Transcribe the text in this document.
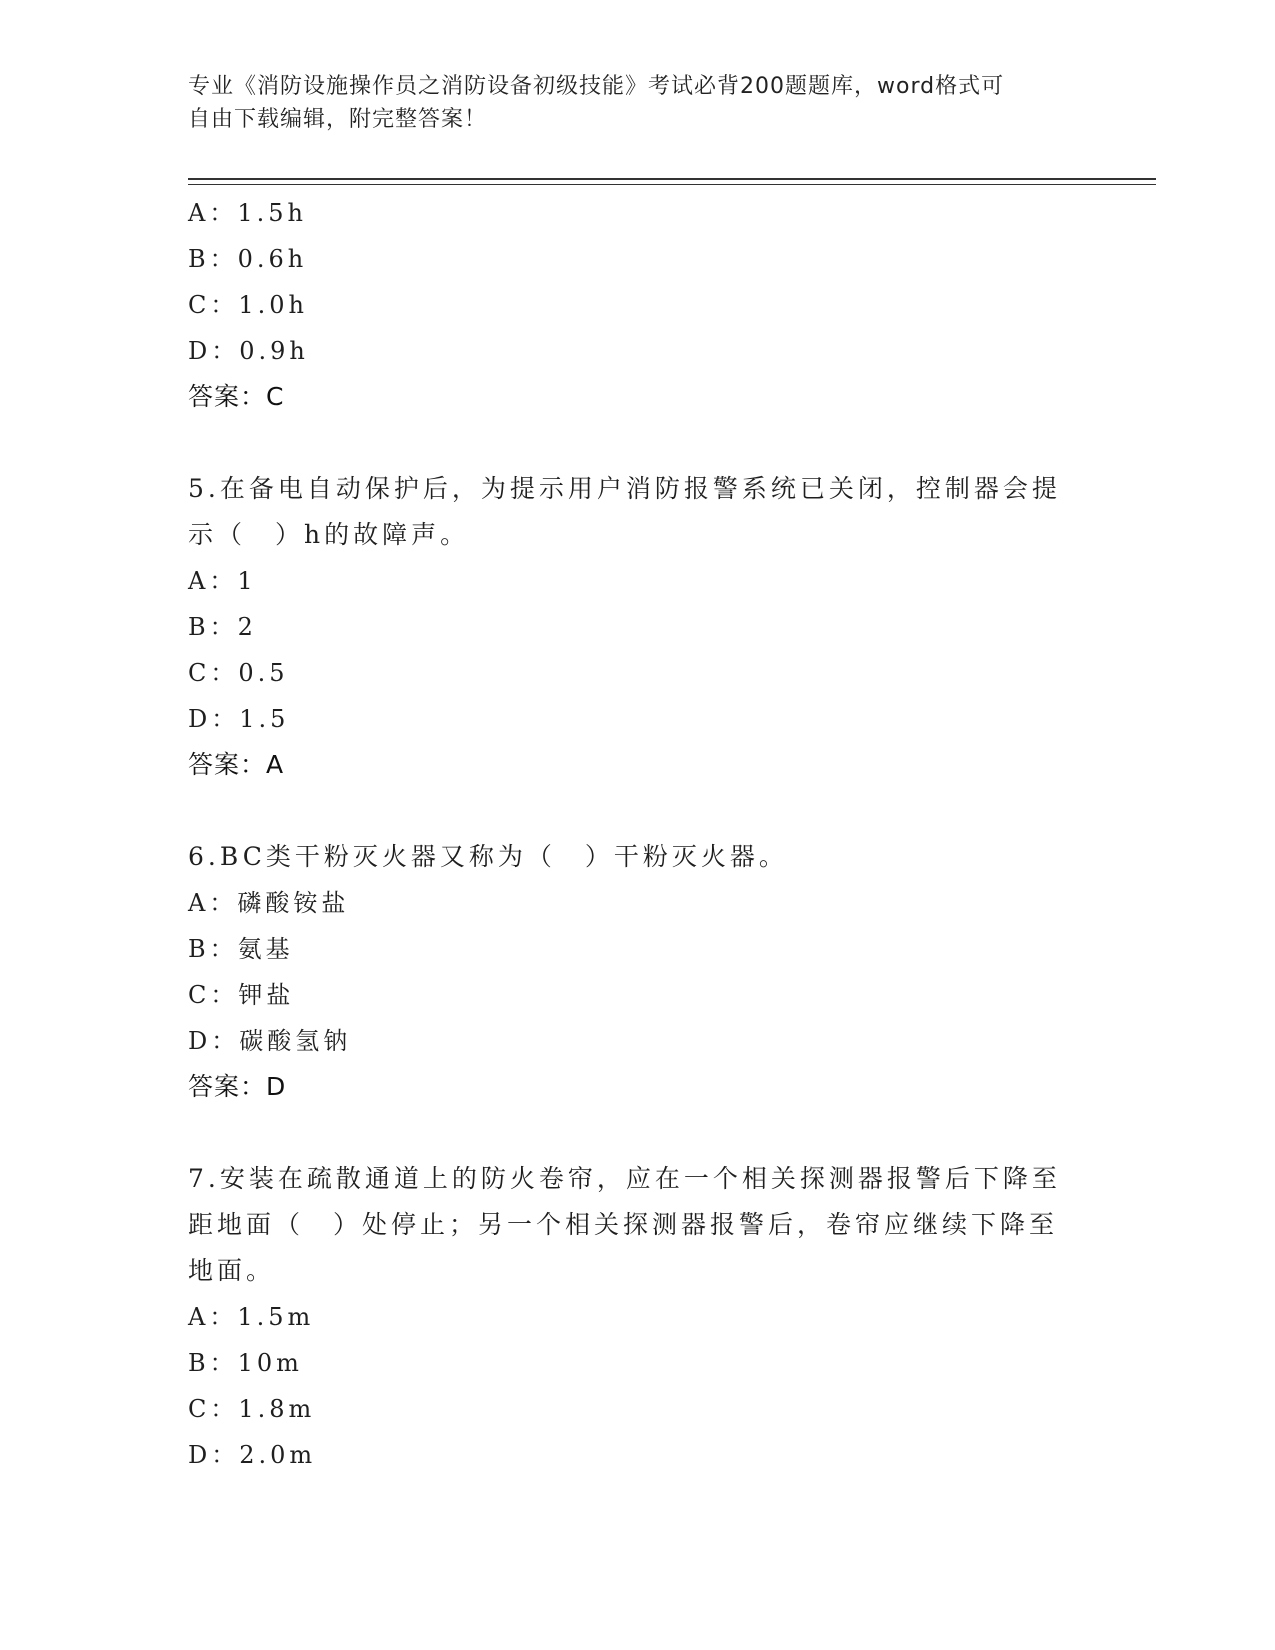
专业《消防设施操作员之消防设备初级技能》考试必背200题题库，word格式可
自由下载编辑，附完整答案！
A：1.5h
B：0.6h
C：1.0h
D：0.9h
答案：C
5.在备电自动保护后，为提示用户消防报警系统已关闭，控制器会提
示（　）h的故障声。
A：1
B：2
C：0.5
D：1.5
答案：A
6.BC类干粉灭火器又称为（　）干粉灭火器。
A：磷酸铵盐
B：氨基
C：钾盐
D：碳酸氢钠
答案：D
7.安装在疏散通道上的防火卷帘，应在一个相关探测器报警后下降至
距地面（　）处停止；另一个相关探测器报警后，卷帘应继续下降至
地面。
A：1.5m
B：10m
C：1.8m
D：2.0m
